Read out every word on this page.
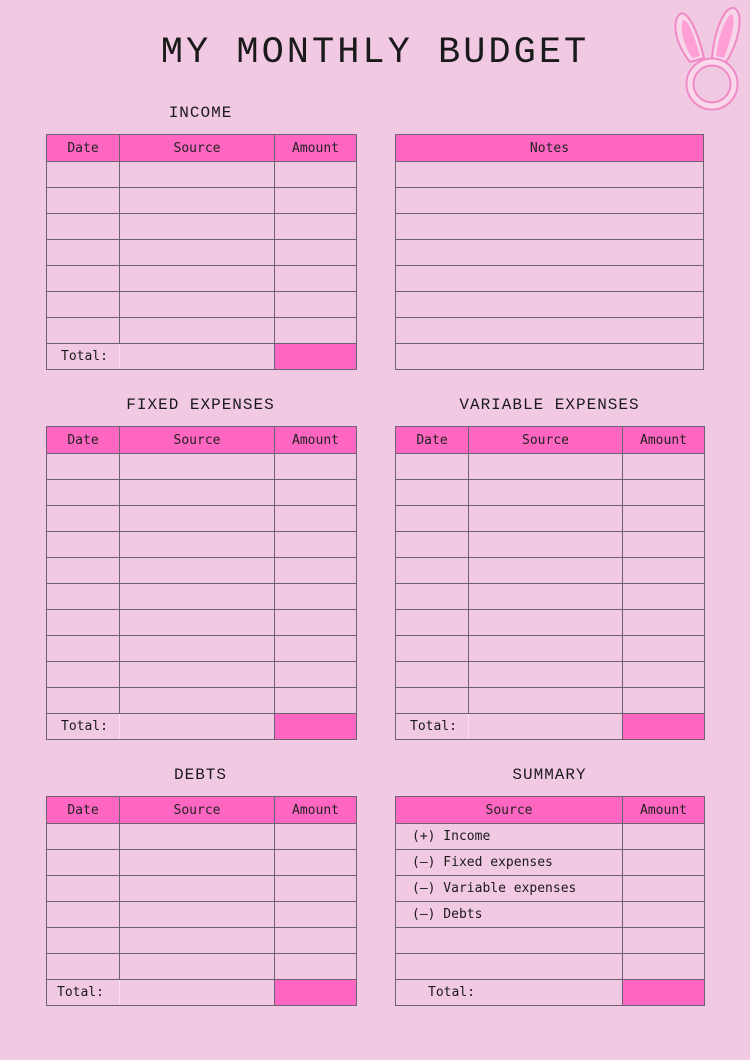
MY MONTHLY BUDGET
INCOME
Date	Source	Amount

Total:		
Notes

FIXED EXPENSES
Date	Source	Amount

Total:		
VARIABLE EXPENSES
Date	Source	Amount

Total:		
DEBTS
Date	Source	Amount

Total:		
SUMMARY
Source	Amount
(+) Income	
(–) Fixed expenses	
(–) Variable expenses	
(–) Debts	

Total:	
